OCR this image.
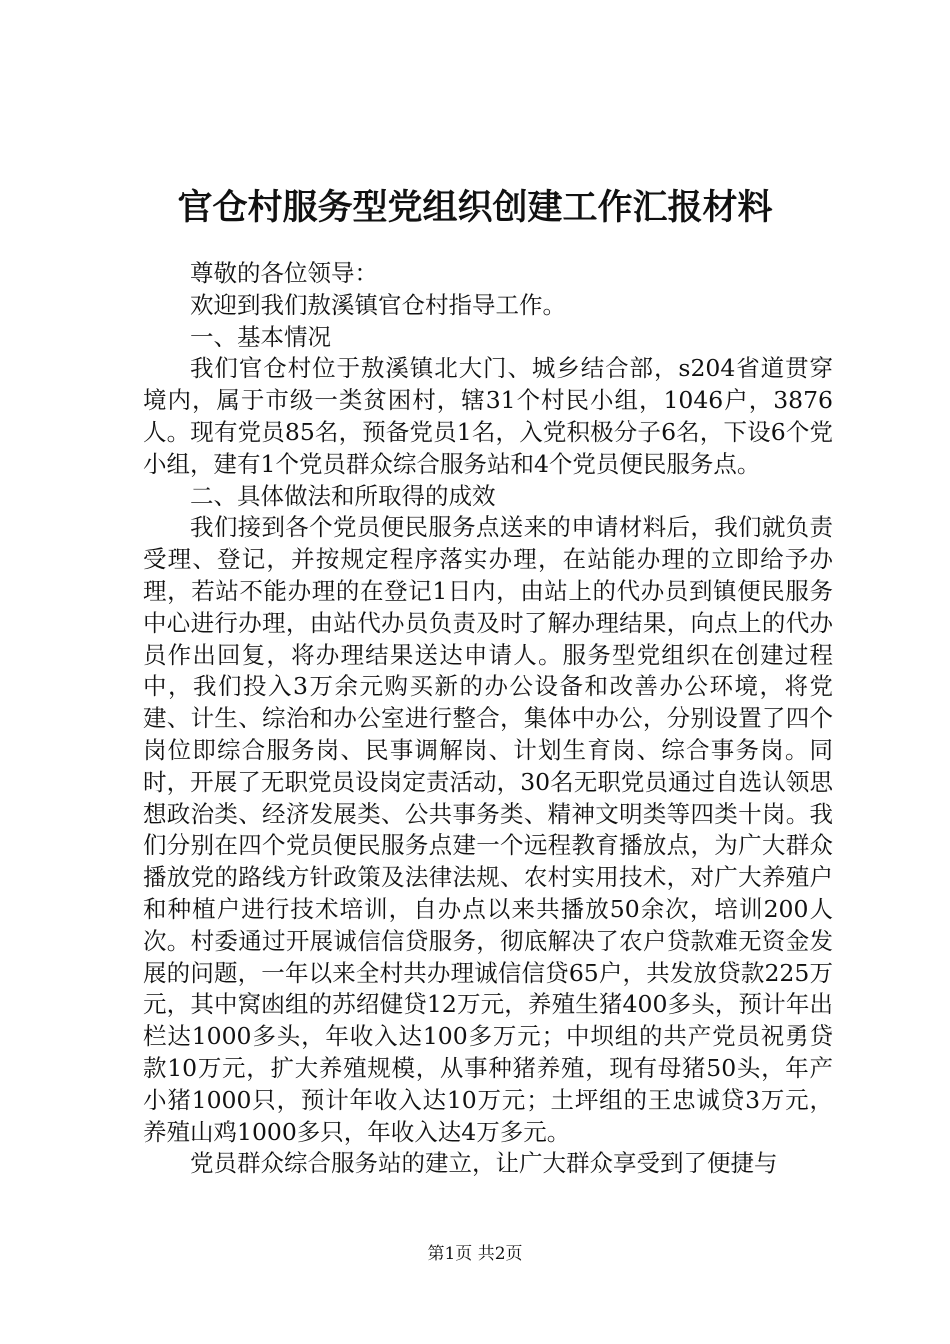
官仓村服务型党组织创建工作汇报材料

尊敬的各位领导：

欢迎到我们敖溪镇官仓村指导工作。

一、基本情况

我们官仓村位于敖溪镇北大门、城乡结合部，s204省道贯穿境内，属于市级一类贫困村，辖31个村民小组，1046户，3876人。现有党员85名，预备党员1名，入党积极分子6名，下设6个党小组，建有1个党员群众综合服务站和4个党员便民服务点。

二、具体做法和所取得的成效

我们接到各个党员便民服务点送来的申请材料后，我们就负责受理、登记，并按规定程序落实办理，在站能办理的立即给予办理，若站不能办理的在登记1日内，由站上的代办员到镇便民服务中心进行办理，由站代办员负责及时了解办理结果，向点上的代办员作出回复，将办理结果送达申请人。服务型党组织在创建过程中，我们投入3万余元购买新的办公设备和改善办公环境，将党建、计生、综治和办公室进行整合，集体中办公，分别设置了四个岗位即综合服务岗、民事调解岗、计划生育岗、综合事务岗。同时，开展了无职党员设岗定责活动，30名无职党员通过自选认领思想政治类、经济发展类、公共事务类、精神文明类等四类十岗。我们分别在四个党员便民服务点建一个远程教育播放点，为广大群众播放党的路线方针政策及法律法规、农村实用技术，对广大养殖户和种植户进行技术培训，自办点以来共播放50余次，培训200人次。村委通过开展诚信信贷服务，彻底解决了农户贷款难无资金发展的问题，一年以来全村共办理诚信信贷65户，共发放贷款225万元，其中窝凼组的苏绍健贷12万元，养殖生猪400多头，预计年出栏达1000多头，年收入达100多万元；中坝组的共产党员祝勇贷款10万元，扩大养殖规模，从事种猪养殖，现有母猪50头，年产小猪1000只，预计年收入达10万元；土坪组的王忠诚贷3万元，养殖山鸡1000多只，年收入达4万多元。

党员群众综合服务站的建立，让广大群众享受到了便捷与

第1页 共2页
